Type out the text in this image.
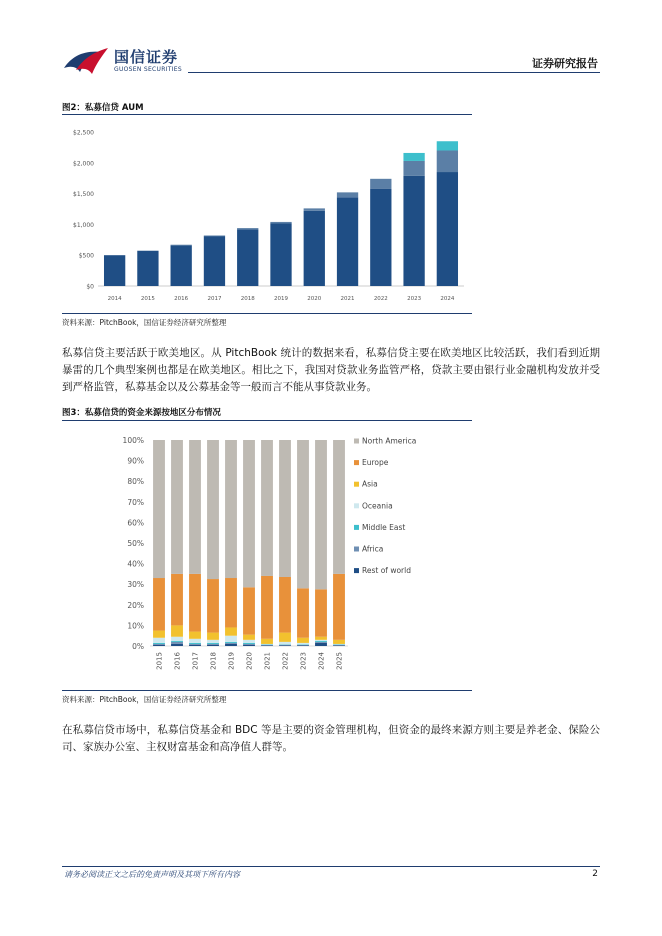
国信证券
GUOSEN SECURITIES	证券研究报告
图2：私募信贷 AUM
$0
$500
$1,000
$1,500
$2,000
$2,500
2014	2015	2016	2017	2018	2019	2020	2021	2022	2023	2024
资料来源：PitchBook，国信证券经济研究所整理
私募信贷主要活跃于欧美地区。从 PitchBook 统计的数据来看，私募信贷主要在欧美地区比较活跃，我们看到近期暴雷的几个典型案例也都是在欧美地区。相比之下，我国对贷款业务监管严格，贷款主要由银行业金融机构发放并受到严格监管，私募基金以及公募基金等一般而言不能从事贷款业务。
图3：私募信贷的资金来源按地区分布情况
0%
10%
20%
30%
40%
50%
60%
70%
80%
90%
100%
2015 2016 2017 2018 2019 2020 2021 2022 2023 2024 2025
North America
Europe
Asia
Oceania
Middle East
Africa
Rest of world
资料来源：PitchBook，国信证券经济研究所整理
在私募信贷市场中，私募信贷基金和 BDC 等是主要的资金管理机构，但资金的最终来源方则主要是养老金、保险公司、家族办公室、主权财富基金和高净值人群等。
请务必阅读正文之后的免责声明及其项下所有内容	2
